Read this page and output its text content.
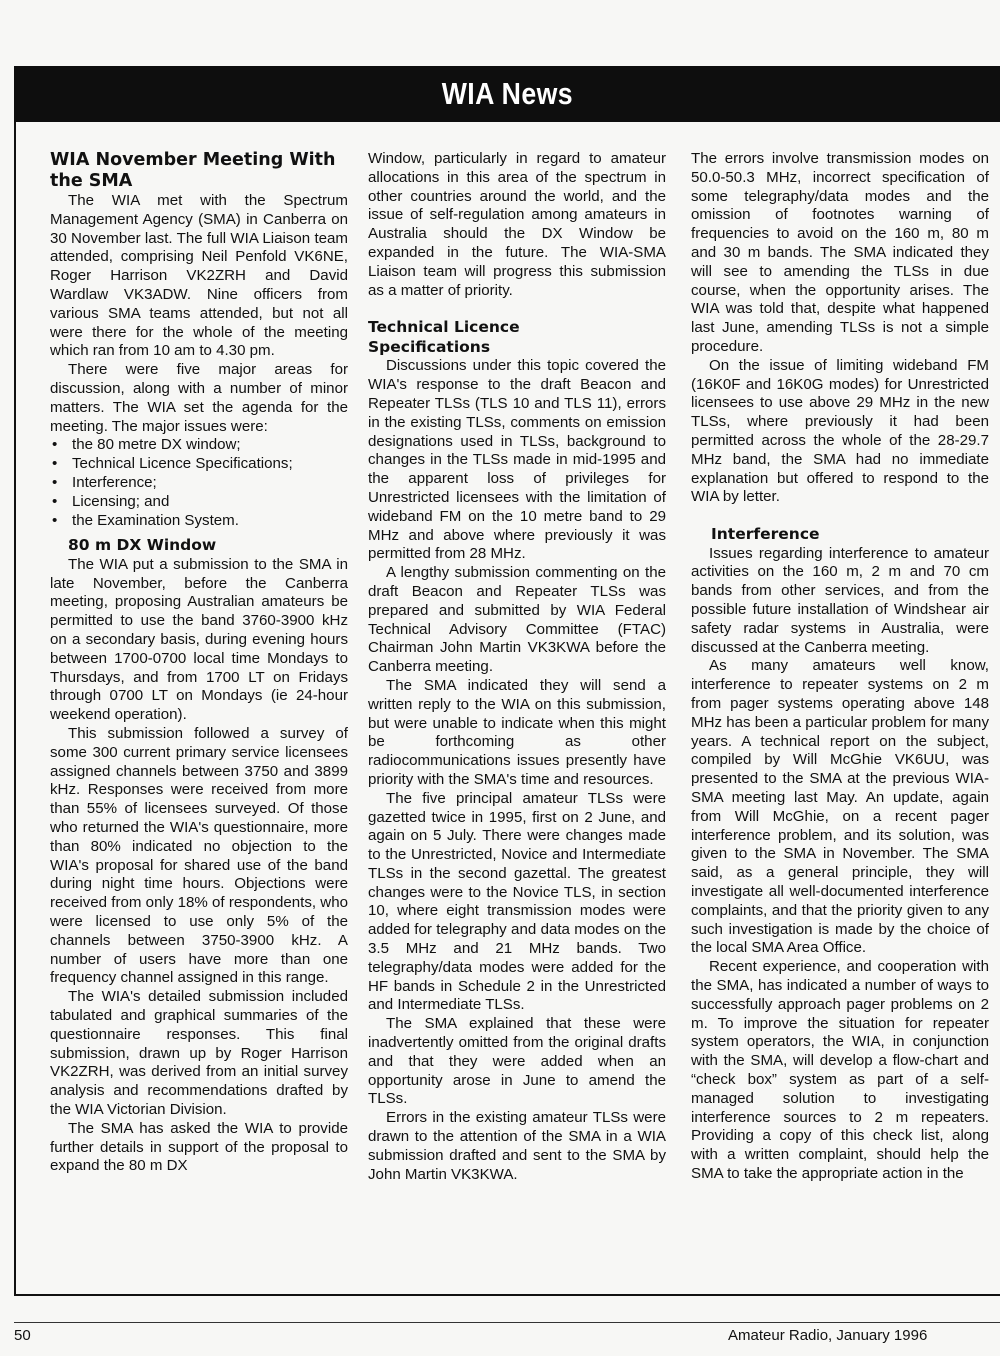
WIA News
WIA November Meeting With the SMA

The WIA met with the Spectrum Management Agency (SMA) in Canberra on 30 November last. The full WIA Liaison team attended, comprising Neil Penfold VK6NE, Roger Harrison VK2ZRH and David Wardlaw VK3ADW. Nine officers from various SMA teams attended, but not all were there for the whole of the meeting which ran from 10 am to 4.30 pm.

There were five major areas for discussion, along with a number of minor matters. The WIA set the agenda for the meeting. The major issues were:

• the 80 metre DX window;
• Technical Licence Specifications;
• Interference;
• Licensing; and
• the Examination System.
80 m DX Window

The WIA put a submission to the SMA in late November, before the Canberra meeting, proposing Australian amateurs be permitted to use the band 3760-3900 kHz on a secondary basis, during evening hours between 1700-0700 local time Mondays to Thursdays, and from 1700 LT on Fridays through 0700 LT on Mondays (ie 24-hour weekend operation).

This submission followed a survey of some 300 current primary service licensees assigned channels between 3750 and 3899 kHz. Responses were received from more than 55% of licensees surveyed. Of those who returned the WIA's questionnaire, more than 80% indicated no objection to the WIA's proposal for shared use of the band during night time hours. Objections were received from only 18% of respondents, who were licensed to use only 5% of the channels between 3750-3900 kHz. A number of users have more than one frequency channel assigned in this range.

The WIA's detailed submission included tabulated and graphical summaries of the questionnaire responses. This final submission, drawn up by Roger Harrison VK2ZRH, was derived from an initial survey analysis and recommendations drafted by the WIA Victorian Division.

The SMA has asked the WIA to provide further details in support of the proposal to expand the 80 m DX

Window, particularly in regard to amateur allocations in this area of the spectrum in other countries around the world, and the issue of self-regulation among amateurs in Australia should the DX Window be expanded in the future. The WIA-SMA Liaison team will progress this submission as a matter of priority.

Technical Licence Specifications

Discussions under this topic covered the WIA's response to the draft Beacon and Repeater TLSs (TLS 10 and TLS 11), errors in the existing TLSs, comments on emission designations used in TLSs, background to changes in the TLSs made in mid-1995 and the apparent loss of privileges for Unrestricted licensees with the limitation of wideband FM on the 10 metre band to 29 MHz and above where previously it was permitted from 28 MHz.

A lengthy submission commenting on the draft Beacon and Repeater TLSs was prepared and submitted by WIA Federal Technical Advisory Committee (FTAC) Chairman John Martin VK3KWA before the Canberra meeting.

The SMA indicated they will send a written reply to the WIA on this submission, but were unable to indicate when this might be forthcoming as other radiocommunications issues presently have priority with the SMA's time and resources.

The five principal amateur TLSs were gazetted twice in 1995, first on 2 June, and again on 5 July. There were changes made to the Unrestricted, Novice and Intermediate TLSs in the second gazettal. The greatest changes were to the Novice TLS, in section 10, where eight transmission modes were added for telegraphy and data modes on the 3.5 MHz and 21 MHz bands. Two telegraphy/data modes were added for the HF bands in Schedule 2 in the Unrestricted and Intermediate TLSs.

The SMA explained that these were inadvertently omitted from the original drafts and that they were added when an opportunity arose in June to amend the TLSs.

Errors in the existing amateur TLSs were drawn to the attention of the SMA in a WIA submission drafted and sent to the SMA by John Martin VK3KWA.

The errors involve transmission modes on 50.0-50.3 MHz, incorrect specification of some telegraphy/data modes and the omission of footnotes warning of frequencies to avoid on the 160 m, 80 m and 30 m bands. The SMA indicated they will see to amending the TLSs in due course, when the opportunity arises. The WIA was told that, despite what happened last June, amending TLSs is not a simple procedure.

On the issue of limiting wideband FM (16K0F and 16K0G modes) for Unrestricted licensees to use above 29 MHz in the new TLSs, where previously it had been permitted across the whole of the 28-29.7 MHz band, the SMA had no immediate explanation but offered to respond to the WIA by letter.

Interference

Issues regarding interference to amateur activities on the 160 m, 2 m and 70 cm bands from other services, and from the possible future installation of Windshear air safety radar systems in Australia, were discussed at the Canberra meeting.

As many amateurs well know, interference to repeater systems on 2 m from pager systems operating above 148 MHz has been a particular problem for many years. A technical report on the subject, compiled by Will McGhie VK6UU, was presented to the SMA at the previous WIA-SMA meeting last May. An update, again from Will McGhie, on a recent pager interference problem, and its solution, was given to the SMA in November. The SMA said, as a general principle, they will investigate all well-documented interference complaints, and that the priority given to any such investigation is made by the choice of the local SMA Area Office.

Recent experience, and cooperation with the SMA, has indicated a number of ways to successfully approach pager problems on 2 m. To improve the situation for repeater system operators, the WIA, in conjunction with the SMA, will develop a flow-chart and “check box” system as part of a self-managed solution to investigating interference sources to 2 m repeaters. Providing a copy of this check list, along with a written complaint, should help the SMA to take the appropriate action in the

50	Amateur Radio, January 1996
